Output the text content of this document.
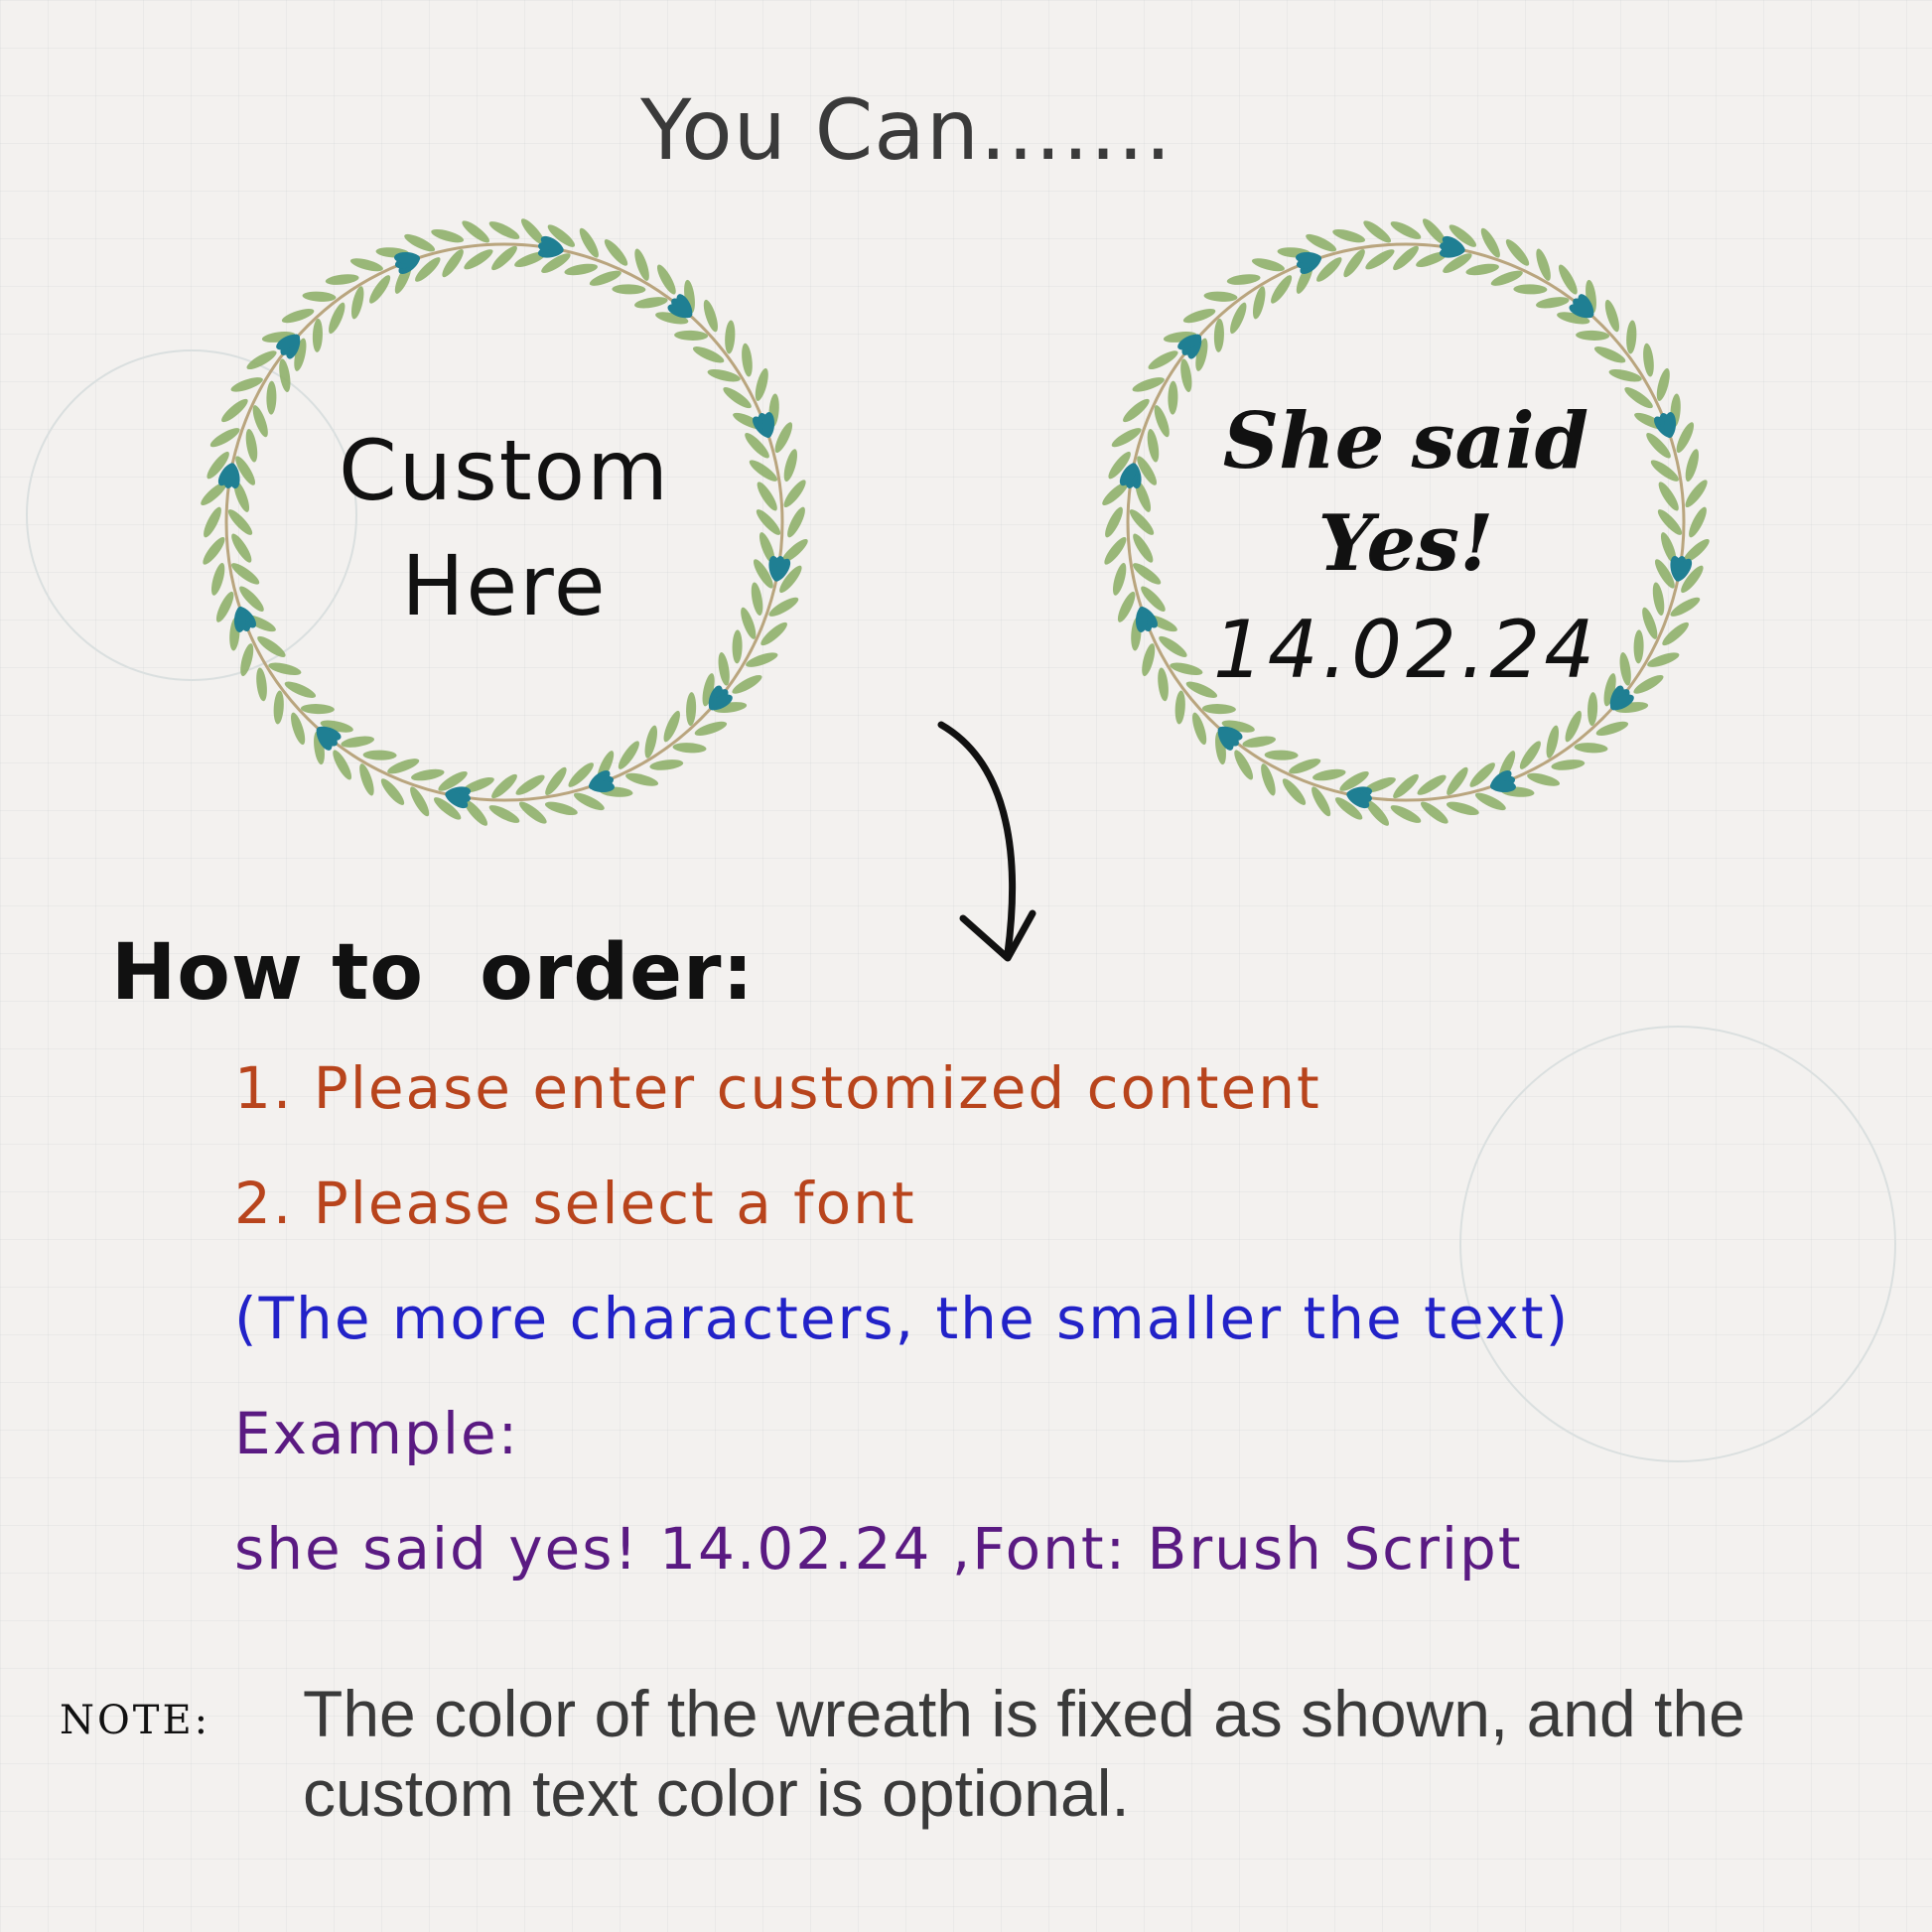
You Can.......
Custom
Here
She said
Yes!
14.02.24
How to  order:
1. Please enter customized content
2. Please select a font
(The more characters, the smaller the text)
Example:
she said yes! 14.02.24 ,Font: Brush Script
NOTE: The color of the wreath is fixed as shown, and the custom text color is optional.
